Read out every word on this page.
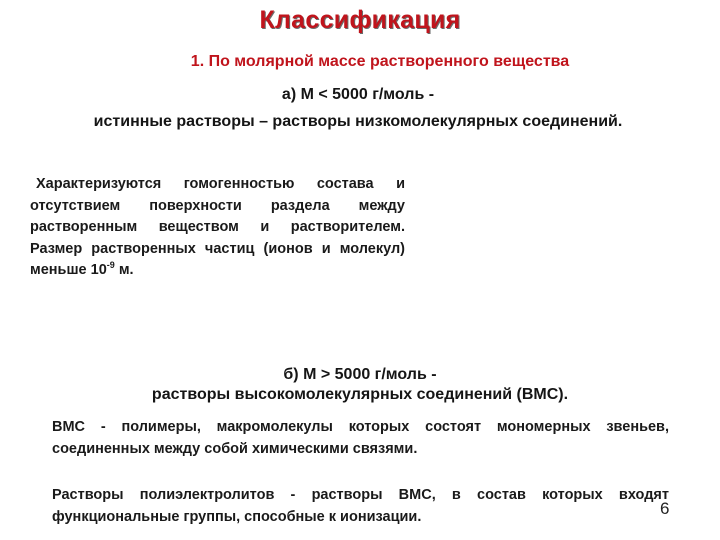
Классификация
1. По молярной массе растворенного вещества
а) М < 5000 г/моль -
истинные растворы – растворы низкомолекулярных соединений.
Характеризуются гомогенностью состава и отсутствием поверхности раздела между растворенным веществом и растворителем. Размер растворенных частиц (ионов и молекул) меньше $10^{-9}$ м.
б) М > 5000 г/моль -
растворы высокомолекулярных соединений (ВМС).
ВМС - полимеры, макромолекулы которых состоят мономерных звеньев, соединенных между собой химическими связями.
Растворы полиэлектролитов - растворы ВМС, в состав которых входят функциональные группы, способные к ионизации.	6
